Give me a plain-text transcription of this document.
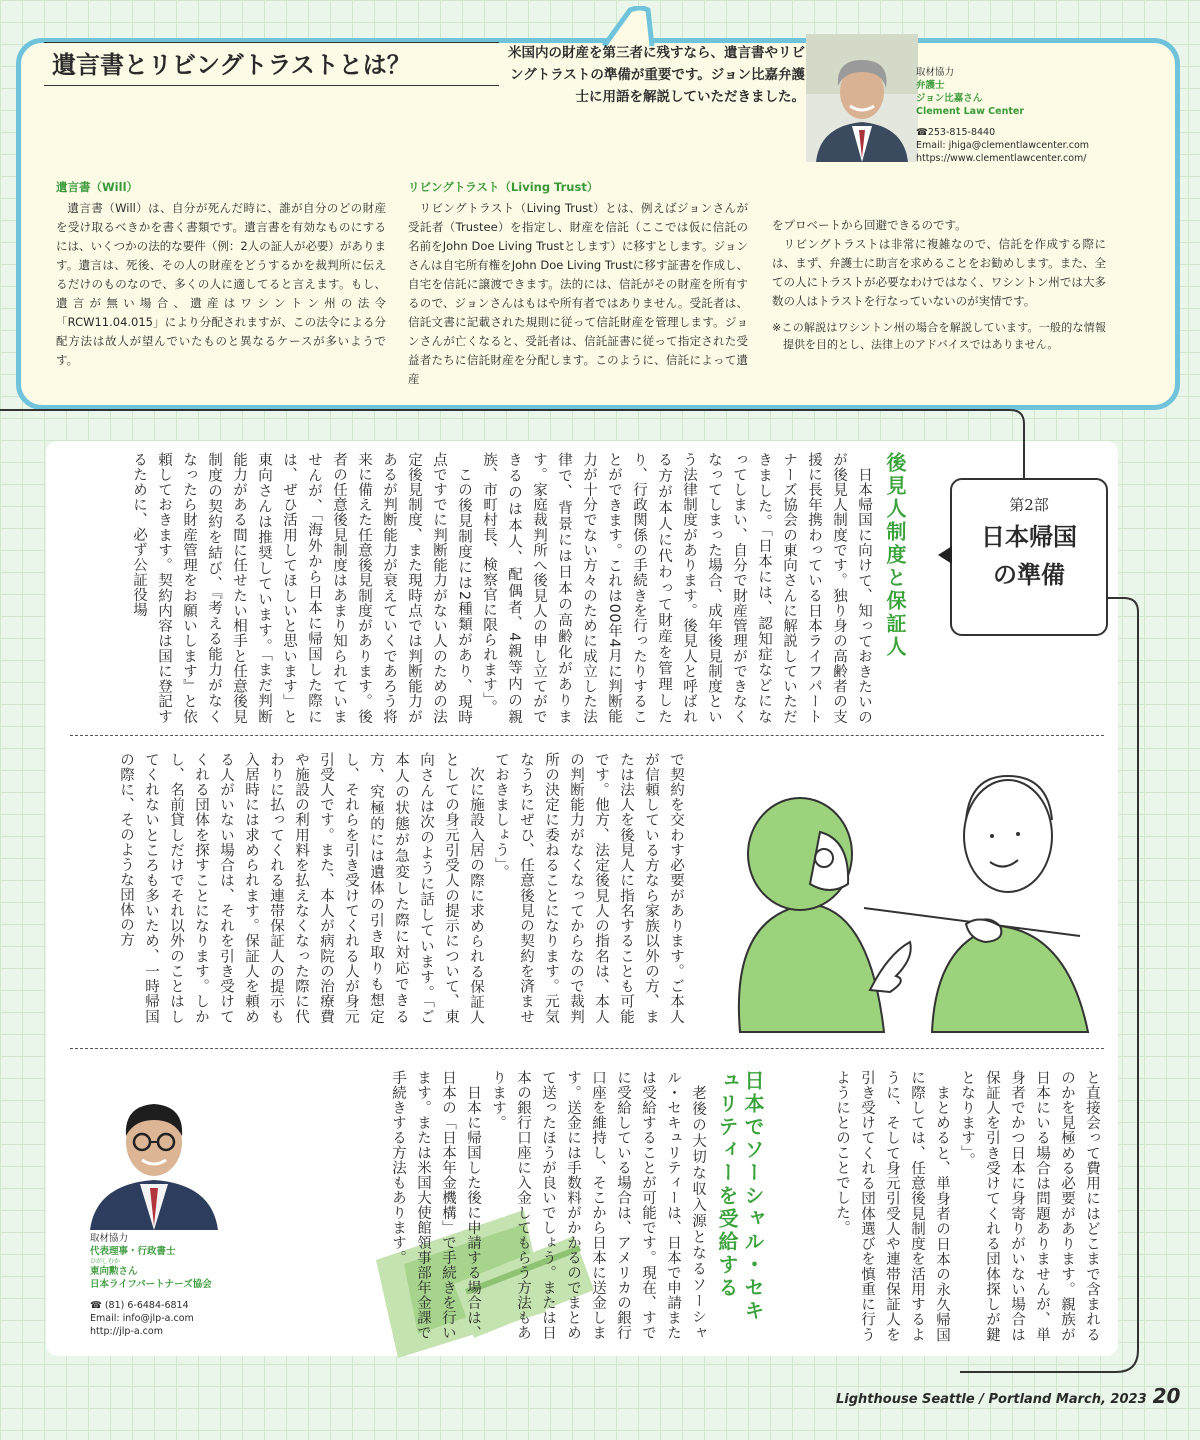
遺言書とリビングトラストとは？	米国内の財産を第三者に残すなら、遺言書やリビングトラストの準備が重要です。ジョン比嘉弁護士に用語を解説していただきました。
取材協力
弁護士
ジョン比嘉さん
Clement Law Center
☎253-815-8440
Email: jhiga@clementlawcenter.com
https://www.clementlawcenter.com/
遺言書（Will）

遺言書（Will）は、自分が死んだ時に、誰が自分のどの財産を受け取るべきかを書く書類です。遺言書を有効なものにするには、いくつかの法的な要件（例：2人の証人が必要）があります。遺言は、死後、その人の財産をどうするかを裁判所に伝えるだけのものなので、多くの人に適してると言えます。もし、遺言が無い場合、遺産はワシントン州の法令「RCW11.04.015」により分配されますが、この法令による分配方法は故人が望んでいたものと異なるケースが多いようです。

リビングトラスト（Living Trust）

リビングトラスト（Living Trust）とは、例えばジョンさんが受託者（Trustee）を指定し、財産を信託（ここでは仮に信託の名前をJohn Doe Living Trustとします）に移すとします。ジョンさんは自宅所有権をJohn Doe Living Trustに移す証書を作成し、自宅を信託に譲渡できます。法的には、信託がその財産を所有するので、ジョンさんはもはや所有者ではありません。受託者は、信託文書に記載された規則に従って信託財産を管理します。ジョンさんが亡くなると、受託者は、信託証書に従って指定された受益者たちに信託財産を分配します。このように、信託によって遺産

をプロベートから回避できるのです。

リビングトラストは非常に複雑なので、信託を作成する際には、まず、弁護士に助言を求めることをお勧めします。また、全ての人にトラストが必要なわけではなく、ワシントン州では大多数の人はトラストを行なっていないのが実情です。

※この解説はワシントン州の場合を解説しています。一般的な情報提供を目的とし、法律上のアドバイスではありません。

第2部
日本帰国
の準備
後見人制度と保証人

日本帰国に向けて、知っておきたいのが後見人制度です。独り身の高齢者の支援に長年携わっている日本ライフパートナーズ協会の東向さんに解説していただきました。「日本には、認知症などになってしまい、自分で財産管理ができなくなってしまった場合、成年後見制度という法律制度があります。後見人と呼ばれる方が本人に代わって財産を管理したり、行政関係の手続きを行ったりすることができます。これは00年4月に判断能力が十分でない方々のために成立した法律で、背景には日本の高齢化があります。家庭裁判所へ後見人の申し立てができるのは本人、配偶者、4親等内の親族、市町村長、検察官に限られます」。

この後見制度には2種類があり、現時点ですでに判断能力がない人のための法定後見制度、また現時点では判断能力があるが判断能力が衰えていくであろう将来に備えた任意後見制度があります。後者の任意後見制度はあまり知られていませんが、「海外から日本に帰国した際には、ぜひ活用してほしいと思います」と東向さんは推奨しています。「まだ判断能力がある間に任せたい相手と任意後見制度の契約を結び、『考える能力がなくなったら財産管理をお願いします』と依頼しておきます。契約内容は国に登記するために、必ず公証役場

で契約を交わす必要があります。ご本人が信頼している方なら家族以外の方、または法人を後見人に指名することも可能です。他方、法定後見人の指名は、本人の判断能力がなくなってからなので裁判所の決定に委ねることになります。元気なうちにぜひ、任意後見の契約を済ませておきましょう」。

次に施設入居の際に求められる保証人としての身元引受人の提示について、東向さんは次のように話しています。「ご本人の状態が急変した際に対応できる方、究極的には遺体の引き取りも想定し、それらを引き受けてくれる人が身元引受人です。また、本人が病院の治療費や施設の利用料を払えなくなった際に代わりに払ってくれる連帯保証人の提示も入居時には求められます。保証人を頼める人がいない場合は、それを引き受けてくれる団体を探すことになります。しかし、名前貸しだけでそれ以外のことはしてくれないところも多いため、一時帰国の際に、そのような団体の方

と直接会って費用にはどこまで含まれるのかを見極める必要があります。親族が日本にいる場合は問題ありませんが、単身者でかつ日本に身寄りがいない場合は保証人を引き受けてくれる団体探しが鍵となります」。

まとめると、単身者の日本の永久帰国に際しては、任意後見制度を活用するように、そして身元引受人や連帯保証人を引き受けてくれる団体選びを慎重に行うようにとのことでした。

日本でソーシャル・セキュリティーを受給する

老後の大切な収入源となるソーシャル・セキュリティーは、日本で申請または受給することが可能です。現在、すでに受給している場合は、アメリカの銀行口座を維持し、そこから日本に送金します。送金には手数料がかかるのでまとめて送ったほうが良いでしょう。または日本の銀行口座に入金してもらう方法もあります。

日本に帰国した後に申請する場合は、日本の「日本年金機構」で手続きを行います。または米国大使館領事部年金課で手続きする方法もあります。

取材協力
代表理事・行政書士
ひがしむか
東向勲さん
日本ライフパートナーズ協会
☎ (81) 6-6484-6814
Email: info@jlp-a.com
http://jlp-a.com
Lighthouse Seattle / Portland March, 2023 20
